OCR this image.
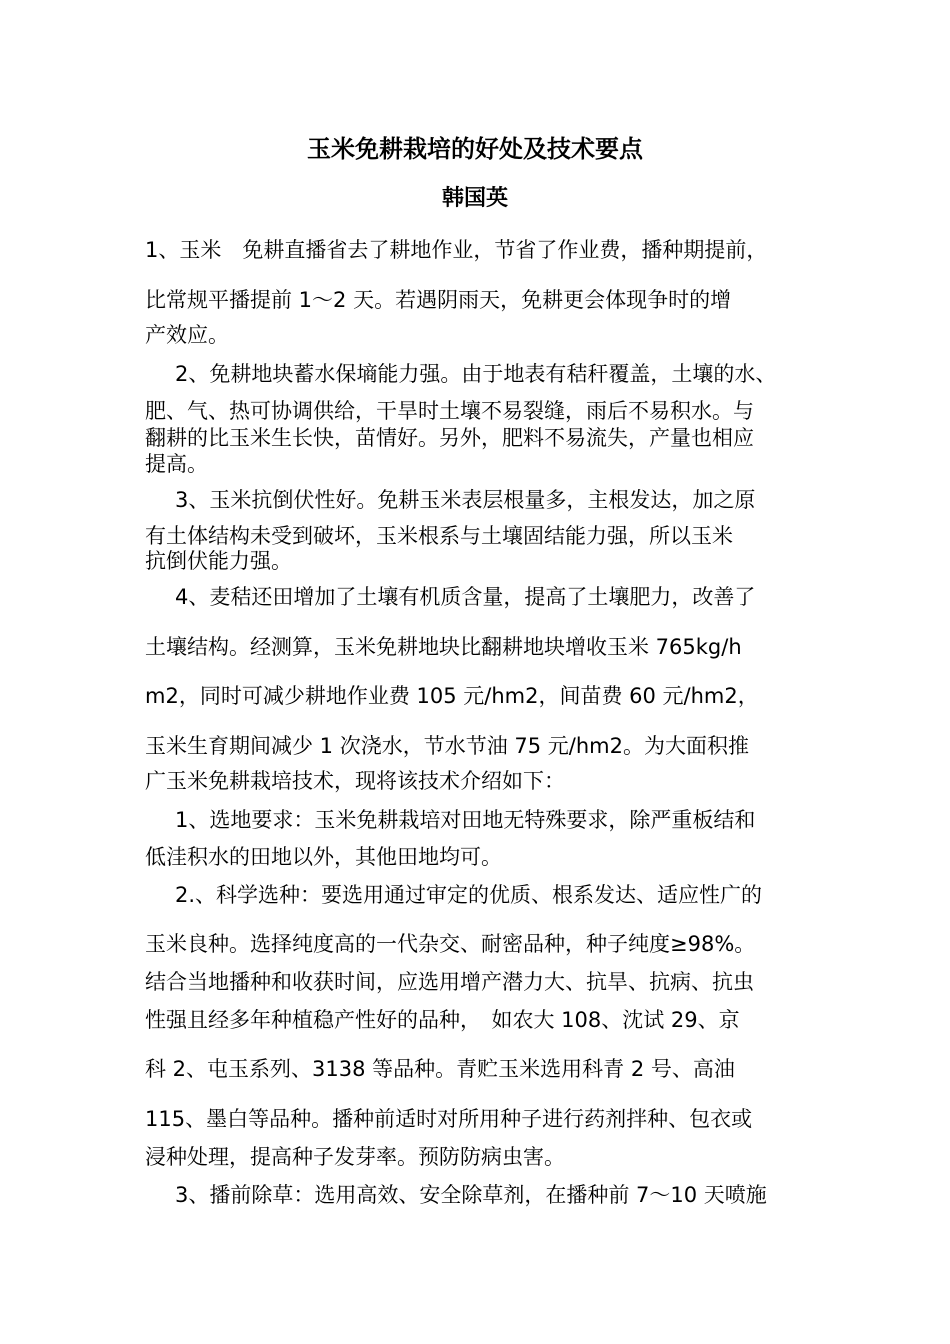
玉米免耕栽培的好处及技术要点
韩国英
1、玉米　免耕直播省去了耕地作业，节省了作业费，播种期提前，
比常规平播提前 1～2 天。若遇阴雨天，免耕更会体现争时的增
产效应。
2、免耕地块蓄水保墒能力强。由于地表有秸秆覆盖，土壤的水、
肥、气、热可协调供给，干旱时土壤不易裂缝，雨后不易积水。与
翻耕的比玉米生长快，苗情好。另外，肥料不易流失，产量也相应
提高。
3、玉米抗倒伏性好。免耕玉米表层根量多，主根发达，加之原
有土体结构未受到破坏，玉米根系与土壤固结能力强，所以玉米
抗倒伏能力强。
4、麦秸还田增加了土壤有机质含量，提高了土壤肥力，改善了
土壤结构。经测算，玉米免耕地块比翻耕地块增收玉米 765kg/h
m2，同时可减少耕地作业费 105 元/hm2，间苗费 60 元/hm2，
玉米生育期间减少 1 次浇水，节水节油 75 元/hm2。为大面积推
广玉米免耕栽培技术，现将该技术介绍如下：
1、选地要求：玉米免耕栽培对田地无特殊要求，除严重板结和
低洼积水的田地以外，其他田地均可。
2.、科学选种：要选用通过审定的优质、根系发达、适应性广的
玉米良种。选择纯度高的一代杂交、耐密品种，种子纯度≥98%。
结合当地播种和收获时间，应选用增产潜力大、抗旱、抗病、抗虫
性强且经多年种植稳产性好的品种，　如农大 108、沈试 29、京
科 2、屯玉系列、3138 等品种。青贮玉米选用科青 2 号、高油
115、墨白等品种。播种前适时对所用种子进行药剂拌种、包衣或
浸种处理，提高种子发芽率。预防防病虫害。
3、播前除草：选用高效、安全除草剂，在播种前 7～10 天喷施
